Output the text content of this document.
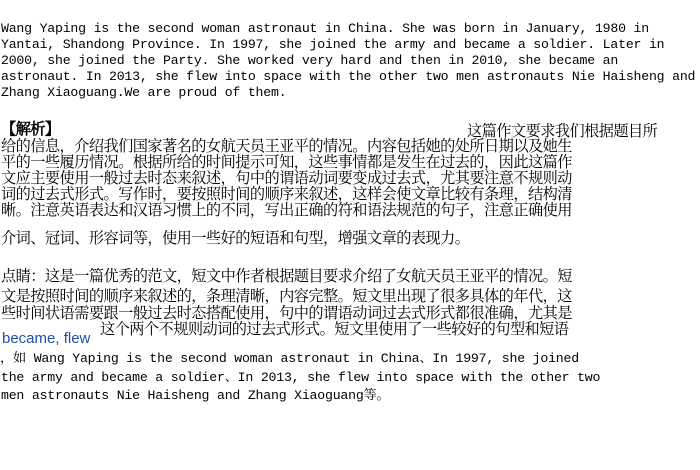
Wang Yaping is the second woman astronaut in China. She was born in January, 1980 in
Yantai, Shandong Province. In 1997, she joined the army and became a soldier. Later in
2000, she joined the Party. She worked very hard and then in 2010, she became an
astronaut. In 2013, she flew into space with the other two men astronauts Nie Haisheng and
Zhang Xiaoguang.We are proud of them.
【解析】	这篇作文要求我们根据题目所
给的信息，介绍我们国家著名的女航天员王亚平的情况。内容包括她的处所日期以及她生
平的一些履历情况。根据所给的时间提示可知，这些事情都是发生在过去的，因此这篇作
文应主要使用一般过去时态来叙述，句中的谓语动词要变成过去式，尤其要注意不规则动
词的过去式形式。写作时，要按照时间的顺序来叙述，这样会使文章比较有条理，结构清
晰。注意英语表达和汉语习惯上的不同，写出正确的符和语法规范的句子，注意正确使用
介词、冠词、形容词等，使用一些好的短语和句型，增强文章的表现力。
点睛：这是一篇优秀的范文，短文中作者根据题目要求介绍了女航天员王亚平的情况。短
文是按照时间的顺序来叙述的，条理清晰，内容完整。短文里出现了很多具体的年代，这
些时间状语需要跟一般过去时态搭配使用，句中的谓语动词过去式形式都很准确，尤其是
became, flew
这个两个不规则动词的过去式形式。短文里使用了一些较好的句型和短语
，如 Wang Yaping is the second woman astronaut in China、In 1997, she joined
the army and became a soldier、In 2013, she flew into space with the other two
men astronauts Nie Haisheng and Zhang Xiaoguang等。
